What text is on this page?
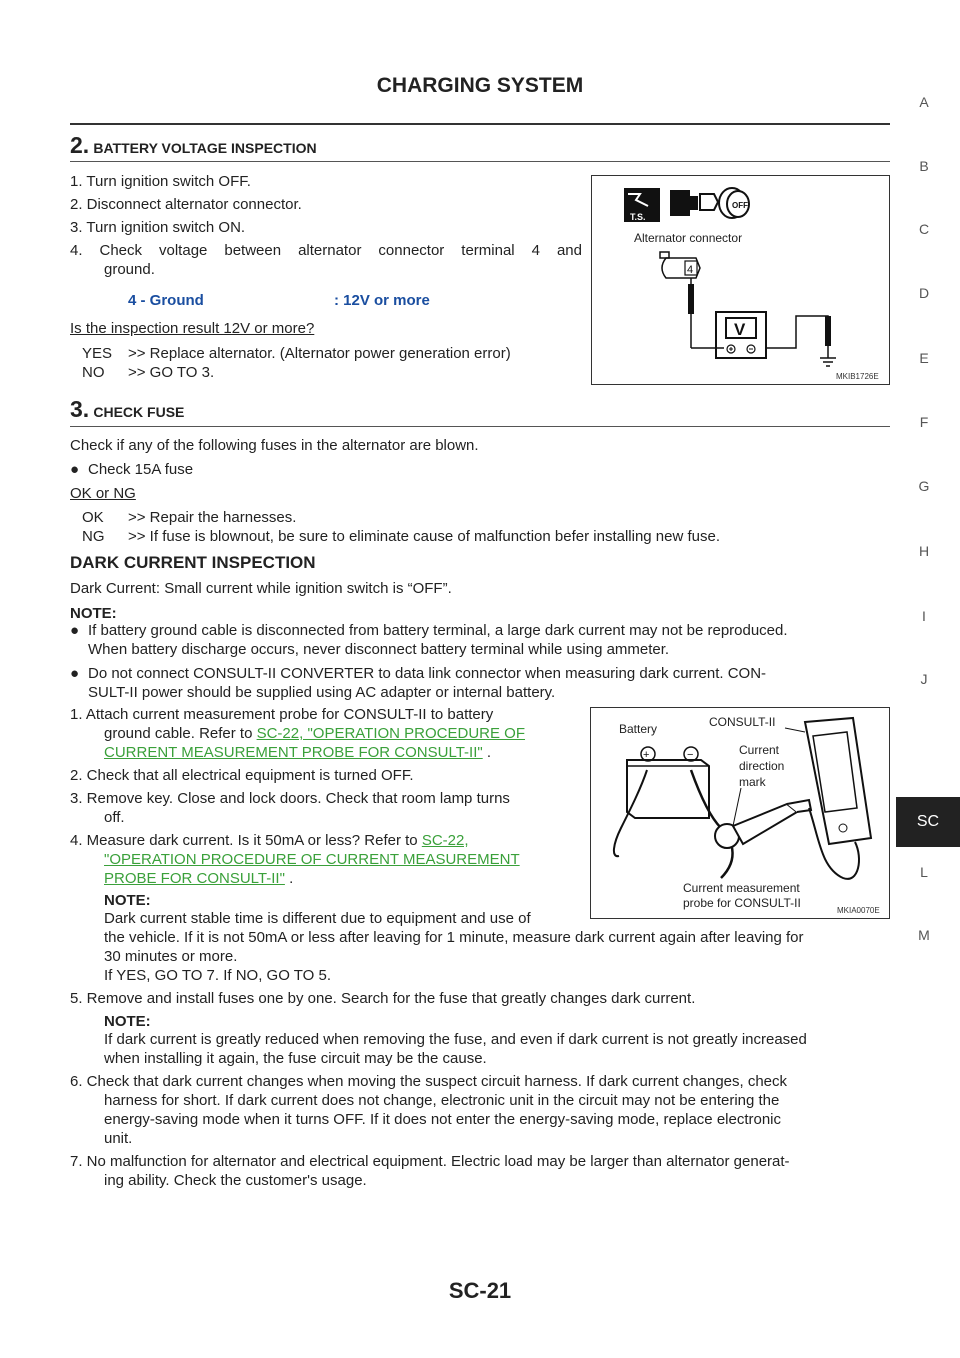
CHARGING SYSTEM
A
B
C
D
E
F
G
H
I
J
SC
L
M
2. BATTERY VOLTAGE INSPECTION
1. Turn ignition switch OFF.
2. Disconnect alternator connector.
3. Turn ignition switch ON.
4. Check voltage between alternator connector terminal 4 and
ground.
4 - Ground	: 12V or more
Is the inspection result 12V or more?
YES >> Replace alternator. (Alternator power generation error)
NO >> GO TO 3.
T.S.
OFF
Alternator connector
4
V
MKIB1726E
3. CHECK FUSE
Check if any of the following fuses in the alternator are blown.
● Check 15A fuse
OK or NG
OK >> Repair the harnesses.
NG >> If fuse is blownout, be sure to eliminate cause of malfunction befer installing new fuse.
DARK CURRENT INSPECTION
Dark Current: Small current while ignition switch is “OFF”.
NOTE:
● If battery ground cable is disconnected from battery terminal, a large dark current may not be reproduced.
When battery discharge occurs, never disconnect battery terminal while using ammeter.
● Do not connect CONSULT-II CONVERTER to data link connector when measuring dark current. CON-
SULT-II power should be supplied using AC adapter or internal battery.
1. Attach current measurement probe for CONSULT-II to battery
ground cable. Refer to SC-22, "OPERATION PROCEDURE OF
CURRENT MEASUREMENT PROBE FOR CONSULT-II" .
2. Check that all electrical equipment is turned OFF.
3. Remove key. Close and lock doors. Check that room lamp turns
off.
4. Measure dark current. Is it 50mA or less? Refer to SC-22,
"OPERATION PROCEDURE OF CURRENT MEASUREMENT
PROBE FOR CONSULT-II" .
NOTE:
Dark current stable time is different due to equipment and use of
the vehicle. If it is not 50mA or less after leaving for 1 minute, measure dark current again after leaving for
30 minutes or more.
If YES, GO TO 7. If NO, GO TO 5.
5. Remove and install fuses one by one. Search for the fuse that greatly changes dark current.
NOTE:
If dark current is greatly reduced when removing the fuse, and even if dark current is not greatly increased
when installing it again, the fuse circuit may be the cause.
6. Check that dark current changes when moving the suspect circuit harness. If dark current changes, check
harness for short. If dark current does not change, electronic unit in the circuit may not be entering the
energy-saving mode when it turns OFF. If it does not enter the energy-saving mode, replace electronic
unit.
7. No malfunction for alternator and electrical equipment. Electric load may be larger than alternator generat-
ing ability. Check the customer's usage.
Battery	CONSULT-II
Current
direction
mark
+	−
Current measurement
probe for CONSULT-II
MKIA0070E
SC-21
